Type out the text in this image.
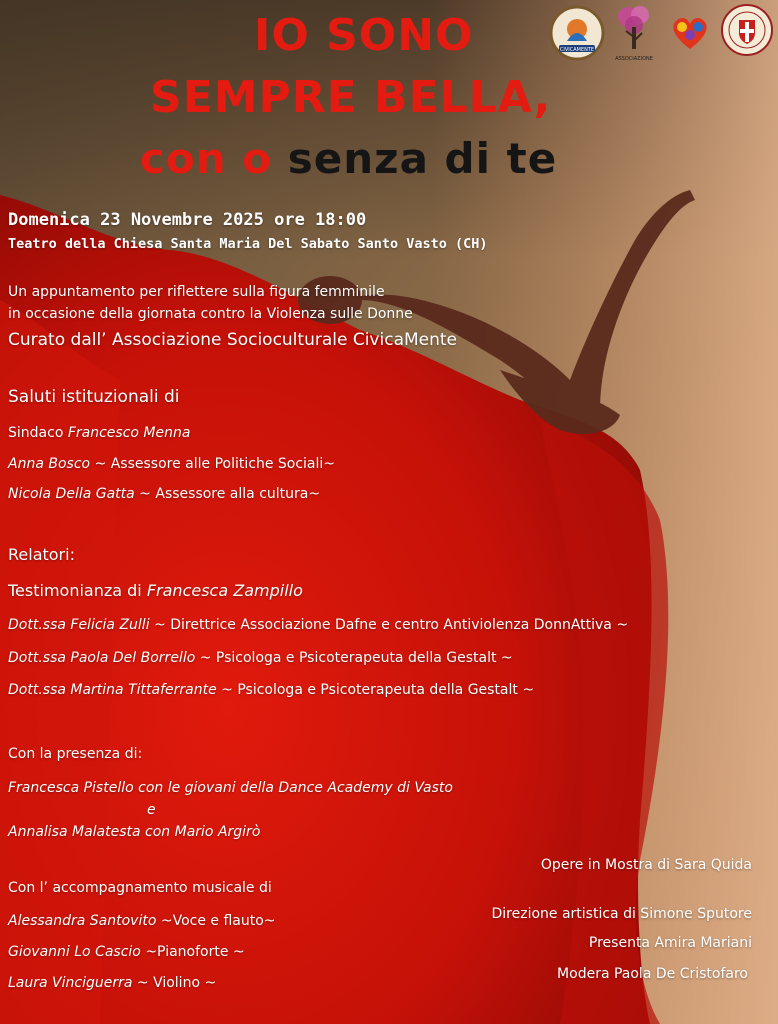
CIVICAMENTE
ASSOCIAZIONE
IO SONO
SEMPRE BELLA,
con o senza di te
Domenica 23 Novembre 2025 ore 18:00
Teatro della Chiesa Santa Maria Del Sabato Santo Vasto (CH)
Un appuntamento per riflettere sulla figura femminile
in occasione della giornata contro la Violenza sulle Donne
Curato dall’ Associazione Socioculturale CivicaMente
Saluti istituzionali di
Sindaco Francesco Menna
Anna Bosco ~ Assessore alle Politiche Sociali~
Nicola Della Gatta ~ Assessore alla cultura~
Relatori:
Testimonianza di Francesca Zampillo
Dott.ssa Felicia Zulli ~ Direttrice Associazione Dafne e centro Antiviolenza DonnAttiva ~
Dott.ssa Paola Del Borrello ~ Psicologa e Psicoterapeuta della Gestalt ~
Dott.ssa Martina Tittaferrante ~ Psicologa e Psicoterapeuta della Gestalt ~
Con la presenza di:
Francesca Pistello con le giovani della Dance Academy di Vasto
e
Annalisa Malatesta con Mario Argirò
Con l’ accompagnamento musicale di
Alessandra Santovito ~Voce e flauto~
Giovanni Lo Cascio ~Pianoforte ~
Laura Vinciguerra ~ Violino ~
Opere in Mostra di Sara Quida
Direzione artistica di Simone Sputore
Presenta Amira Mariani
Modera Paola De Cristofaro
